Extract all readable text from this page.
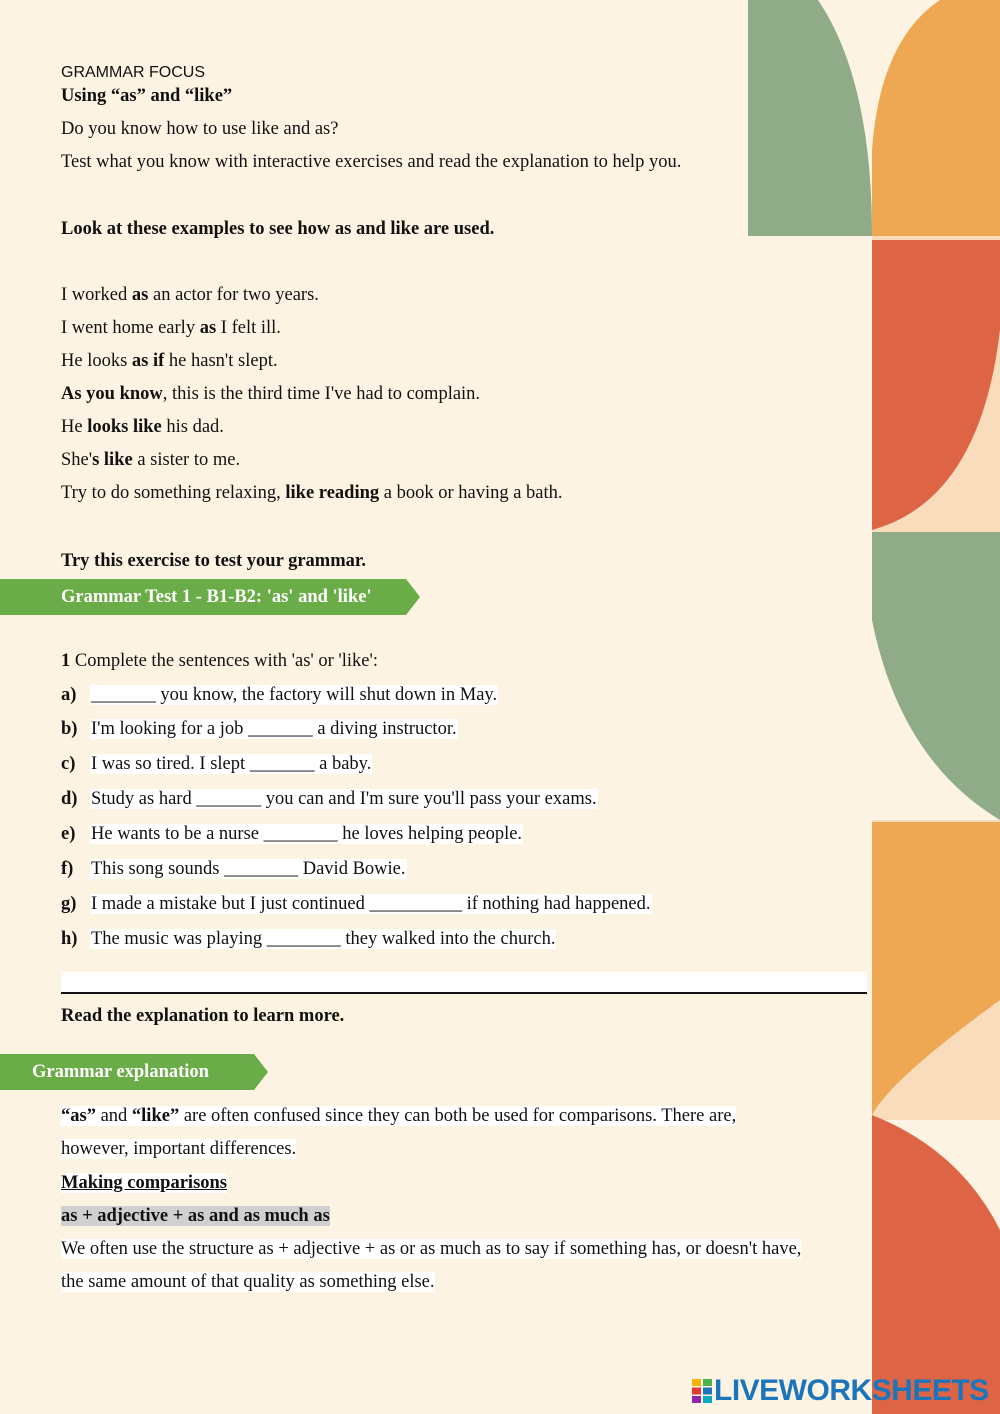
GRAMMAR FOCUS
Using “as” and “like”
Do you know how to use like and as?
Test what you know with interactive exercises and read the explanation to help you.
Look at these examples to see how as and like are used.
I worked as an actor for two years.
I went home early as I felt ill.
He looks as if he hasn't slept.
As you know, this is the third time I've had to complain.
He looks like his dad.
She's like a sister to me.
Try to do something relaxing, like reading a book or having a bath.
Try this exercise to test your grammar.
Grammar Test 1 - B1-B2: 'as' and 'like'
1 Complete the sentences with 'as' or 'like':
a) _______ you know, the factory will shut down in May.
b) I'm looking for a job _______ a diving instructor.
c) I was so tired. I slept _______ a baby.
d) Study as hard _______ you can and I'm sure you'll pass your exams.
e) He wants to be a nurse ________ he loves helping people.
f) This song sounds ________ David Bowie.
g) I made a mistake but I just continued __________ if nothing had happened.
h) The music was playing ________ they walked into the church.
Read the explanation to learn more.
Grammar explanation
“as” and “like” are often confused since they can both be used for comparisons. There are,
however, important differences.
Making comparisons
as + adjective + as and as much as
We often use the structure as + adjective + as or as much as to say if something has, or doesn't have,
the same amount of that quality as something else.
LIVEWORKSHEETS
